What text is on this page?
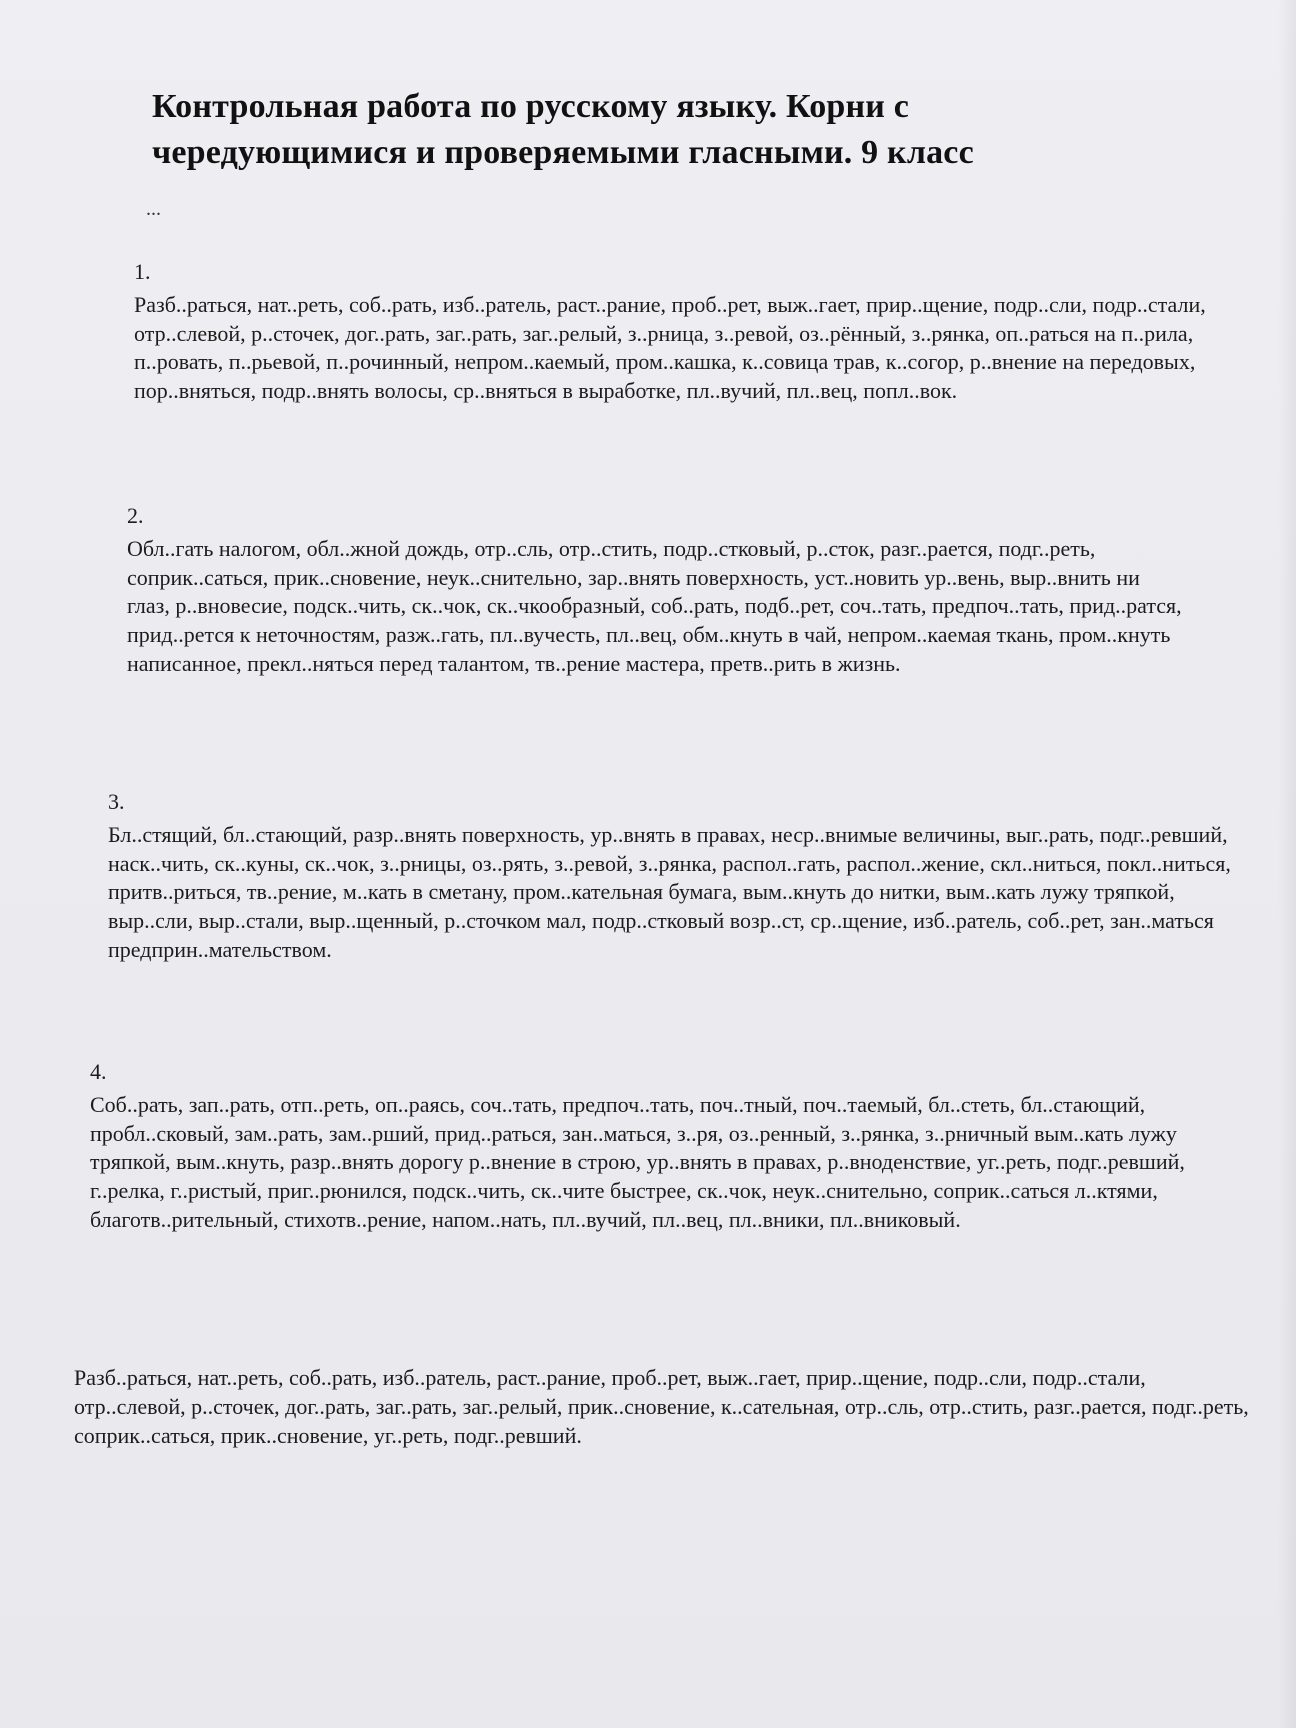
Контрольная работа по русскому языку. Корни с чередующимися и проверяемыми гласными. 9 класс
...
1.

Разб..раться, нат..реть, соб..рать, изб..ратель, раст..рание, проб..рет, выж..гает, прир..щение, подр..сли, подр..стали, отр..слевой, р..сточек, дог..рать, заг..рать, заг..релый, з..рница, з..ревой, оз..рённый, з..рянка, оп..раться на п..рила, п..ровать, п..рьевой, п..рочинный, непром..каемый, пром..кашка, к..совица трав, к..согор, р..внение на передовых, пор..вняться, подр..внять волосы, ср..вняться в выработке, пл..вучий, пл..вец, попл..вок.

2.

Обл..гать налогом, обл..жной дождь, отр..сль, отр..стить, подр..стковый, р..сток, разг..рается, подг..реть, соприк..саться, прик..сновение, неук..снительно, зар..внять поверхность, уст..новить ур..вень, выр..внить ни глаз, р..вновесие, подск..чить, ск..чок, ск..чкообразный, соб..рать, подб..рет, соч..тать, предпоч..тать, прид..ратся, прид..рется к неточностям, разж..гать, пл..вучесть, пл..вец, обм..кнуть в чай, непром..каемая ткань, пром..кнуть написанное, прекл..няться перед талантом, тв..рение мастера, претв..рить в жизнь.

3.

Бл..стящий, бл..стающий, разр..внять поверхность, ур..внять в правах, неср..внимые величины, выг..рать, подг..ревший, наск..чить, ск..куны, ск..чок, з..рницы, оз..рять, з..ревой, з..рянка, распол..гать, распол..жение, скл..ниться, покл..ниться, притв..риться, тв..рение, м..кать в сметану, пром..кательная бумага, вым..кнуть до нитки, вым..кать лужу тряпкой, выр..сли, выр..стали, выр..щенный, р..сточком мал, подр..стковый возр..ст, ср..щение, изб..ратель, соб..рет, зан..маться предприн..мательством.

4.

Соб..рать, зап..рать, отп..реть, оп..раясь, соч..тать, предпоч..тать, поч..тный, поч..таемый, бл..стеть, бл..стающий, пробл..сковый, зам..рать, зам..рший, прид..раться, зан..маться, з..ря, оз..ренный, з..рянка, з..рничный вым..кать лужу тряпкой, вым..кнуть, разр..внять дорогу р..внение в строю, ур..внять в правах, р..вноденствие, уг..реть, подг..ревший, г..релка, г..ристый, приг..рюнился, подск..чить, ск..чите быстрее, ск..чок, неук..снительно, соприк..саться л..ктями, благотв..рительный, стихотв..рение, напом..нать, пл..вучий, пл..вец, пл..вники, пл..вниковый.

Разб..раться, нат..реть, соб..рать, изб..ратель, раст..рание, проб..рет, выж..гает, прир..щение, подр..сли, подр..стали, отр..слевой, р..сточек, дог..рать, заг..рать, заг..релый, прик..сновение, к..сательная, отр..сль, отр..стить, разг..рается, подг..реть, соприк..саться, прик..сновение, уг..реть, подг..ревший.
